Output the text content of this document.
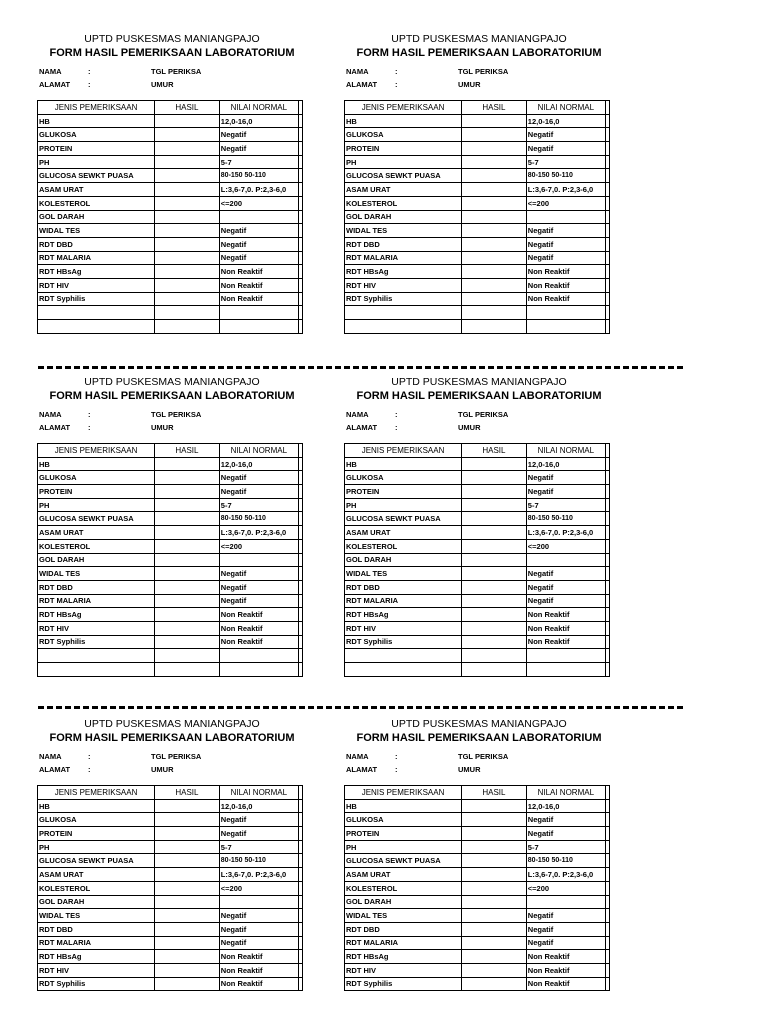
UPTD PUSKESMAS MANIANGPAJO
FORM HASIL PEMERIKSAAN LABORATORIUM
NAMA	:	TGL PERIKSA
ALAMAT :	UMUR
JENIS PEMERIKSAAN	HASIL	NILAI NORMAL	
HB		12,0-16,0	
GLUKOSA		Negatif	
PROTEIN		Negatif	
PH		5-7	
GLUCOSA SEWKT PUASA		80-150 50-110	
ASAM URAT		L:3,6-7,0. P:2,3-6,0	
KOLESTEROL		<=200	
GOL DARAH			
WIDAL TES		Negatif	
RDT DBD		Negatif	
RDT MALARIA		Negatif	
RDT HBsAg		Non Reaktif	
RDT HIV		Non Reaktif	
RDT Syphilis		Non Reaktif	

UPTD PUSKESMAS MANIANGPAJO
FORM HASIL PEMERIKSAAN LABORATORIUM
NAMA	:	TGL PERIKSA
ALAMAT :	UMUR
JENIS PEMERIKSAAN	HASIL	NILAI NORMAL	
HB		12,0-16,0	
GLUKOSA		Negatif	
PROTEIN		Negatif	
PH		5-7	
GLUCOSA SEWKT PUASA		80-150 50-110	
ASAM URAT		L:3,6-7,0. P:2,3-6,0	
KOLESTEROL		<=200	
GOL DARAH			
WIDAL TES		Negatif	
RDT DBD		Negatif	
RDT MALARIA		Negatif	
RDT HBsAg		Non Reaktif	
RDT HIV		Non Reaktif	
RDT Syphilis		Non Reaktif	

UPTD PUSKESMAS MANIANGPAJO
FORM HASIL PEMERIKSAAN LABORATORIUM
NAMA	:	TGL PERIKSA
ALAMAT :	UMUR
JENIS PEMERIKSAAN	HASIL	NILAI NORMAL	
HB		12,0-16,0	
GLUKOSA		Negatif	
PROTEIN		Negatif	
PH		5-7	
GLUCOSA SEWKT PUASA		80-150 50-110	
ASAM URAT		L:3,6-7,0. P:2,3-6,0	
KOLESTEROL		<=200	
GOL DARAH			
WIDAL TES		Negatif	
RDT DBD		Negatif	
RDT MALARIA		Negatif	
RDT HBsAg		Non Reaktif	
RDT HIV		Non Reaktif	
RDT Syphilis		Non Reaktif	

UPTD PUSKESMAS MANIANGPAJO
FORM HASIL PEMERIKSAAN LABORATORIUM
NAMA	:	TGL PERIKSA
ALAMAT :	UMUR
JENIS PEMERIKSAAN	HASIL	NILAI NORMAL	
HB		12,0-16,0	
GLUKOSA		Negatif	
PROTEIN		Negatif	
PH		5-7	
GLUCOSA SEWKT PUASA		80-150 50-110	
ASAM URAT		L:3,6-7,0. P:2,3-6,0	
KOLESTEROL		<=200	
GOL DARAH			
WIDAL TES		Negatif	
RDT DBD		Negatif	
RDT MALARIA		Negatif	
RDT HBsAg		Non Reaktif	
RDT HIV		Non Reaktif	
RDT Syphilis		Non Reaktif	

UPTD PUSKESMAS MANIANGPAJO
FORM HASIL PEMERIKSAAN LABORATORIUM
NAMA	:	TGL PERIKSA
ALAMAT :	UMUR
JENIS PEMERIKSAAN	HASIL	NILAI NORMAL	
HB		12,0-16,0	
GLUKOSA		Negatif	
PROTEIN		Negatif	
PH		5-7	
GLUCOSA SEWKT PUASA		80-150 50-110	
ASAM URAT		L:3,6-7,0. P:2,3-6,0	
KOLESTEROL		<=200	
GOL DARAH			
WIDAL TES		Negatif	
RDT DBD		Negatif	
RDT MALARIA		Negatif	
RDT HBsAg		Non Reaktif	
RDT HIV		Non Reaktif	
RDT Syphilis		Non Reaktif	
UPTD PUSKESMAS MANIANGPAJO
FORM HASIL PEMERIKSAAN LABORATORIUM
NAMA	:	TGL PERIKSA
ALAMAT :	UMUR
JENIS PEMERIKSAAN	HASIL	NILAI NORMAL	
HB		12,0-16,0	
GLUKOSA		Negatif	
PROTEIN		Negatif	
PH		5-7	
GLUCOSA SEWKT PUASA		80-150 50-110	
ASAM URAT		L:3,6-7,0. P:2,3-6,0	
KOLESTEROL		<=200	
GOL DARAH			
WIDAL TES		Negatif	
RDT DBD		Negatif	
RDT MALARIA		Negatif	
RDT HBsAg		Non Reaktif	
RDT HIV		Non Reaktif	
RDT Syphilis		Non Reaktif	
